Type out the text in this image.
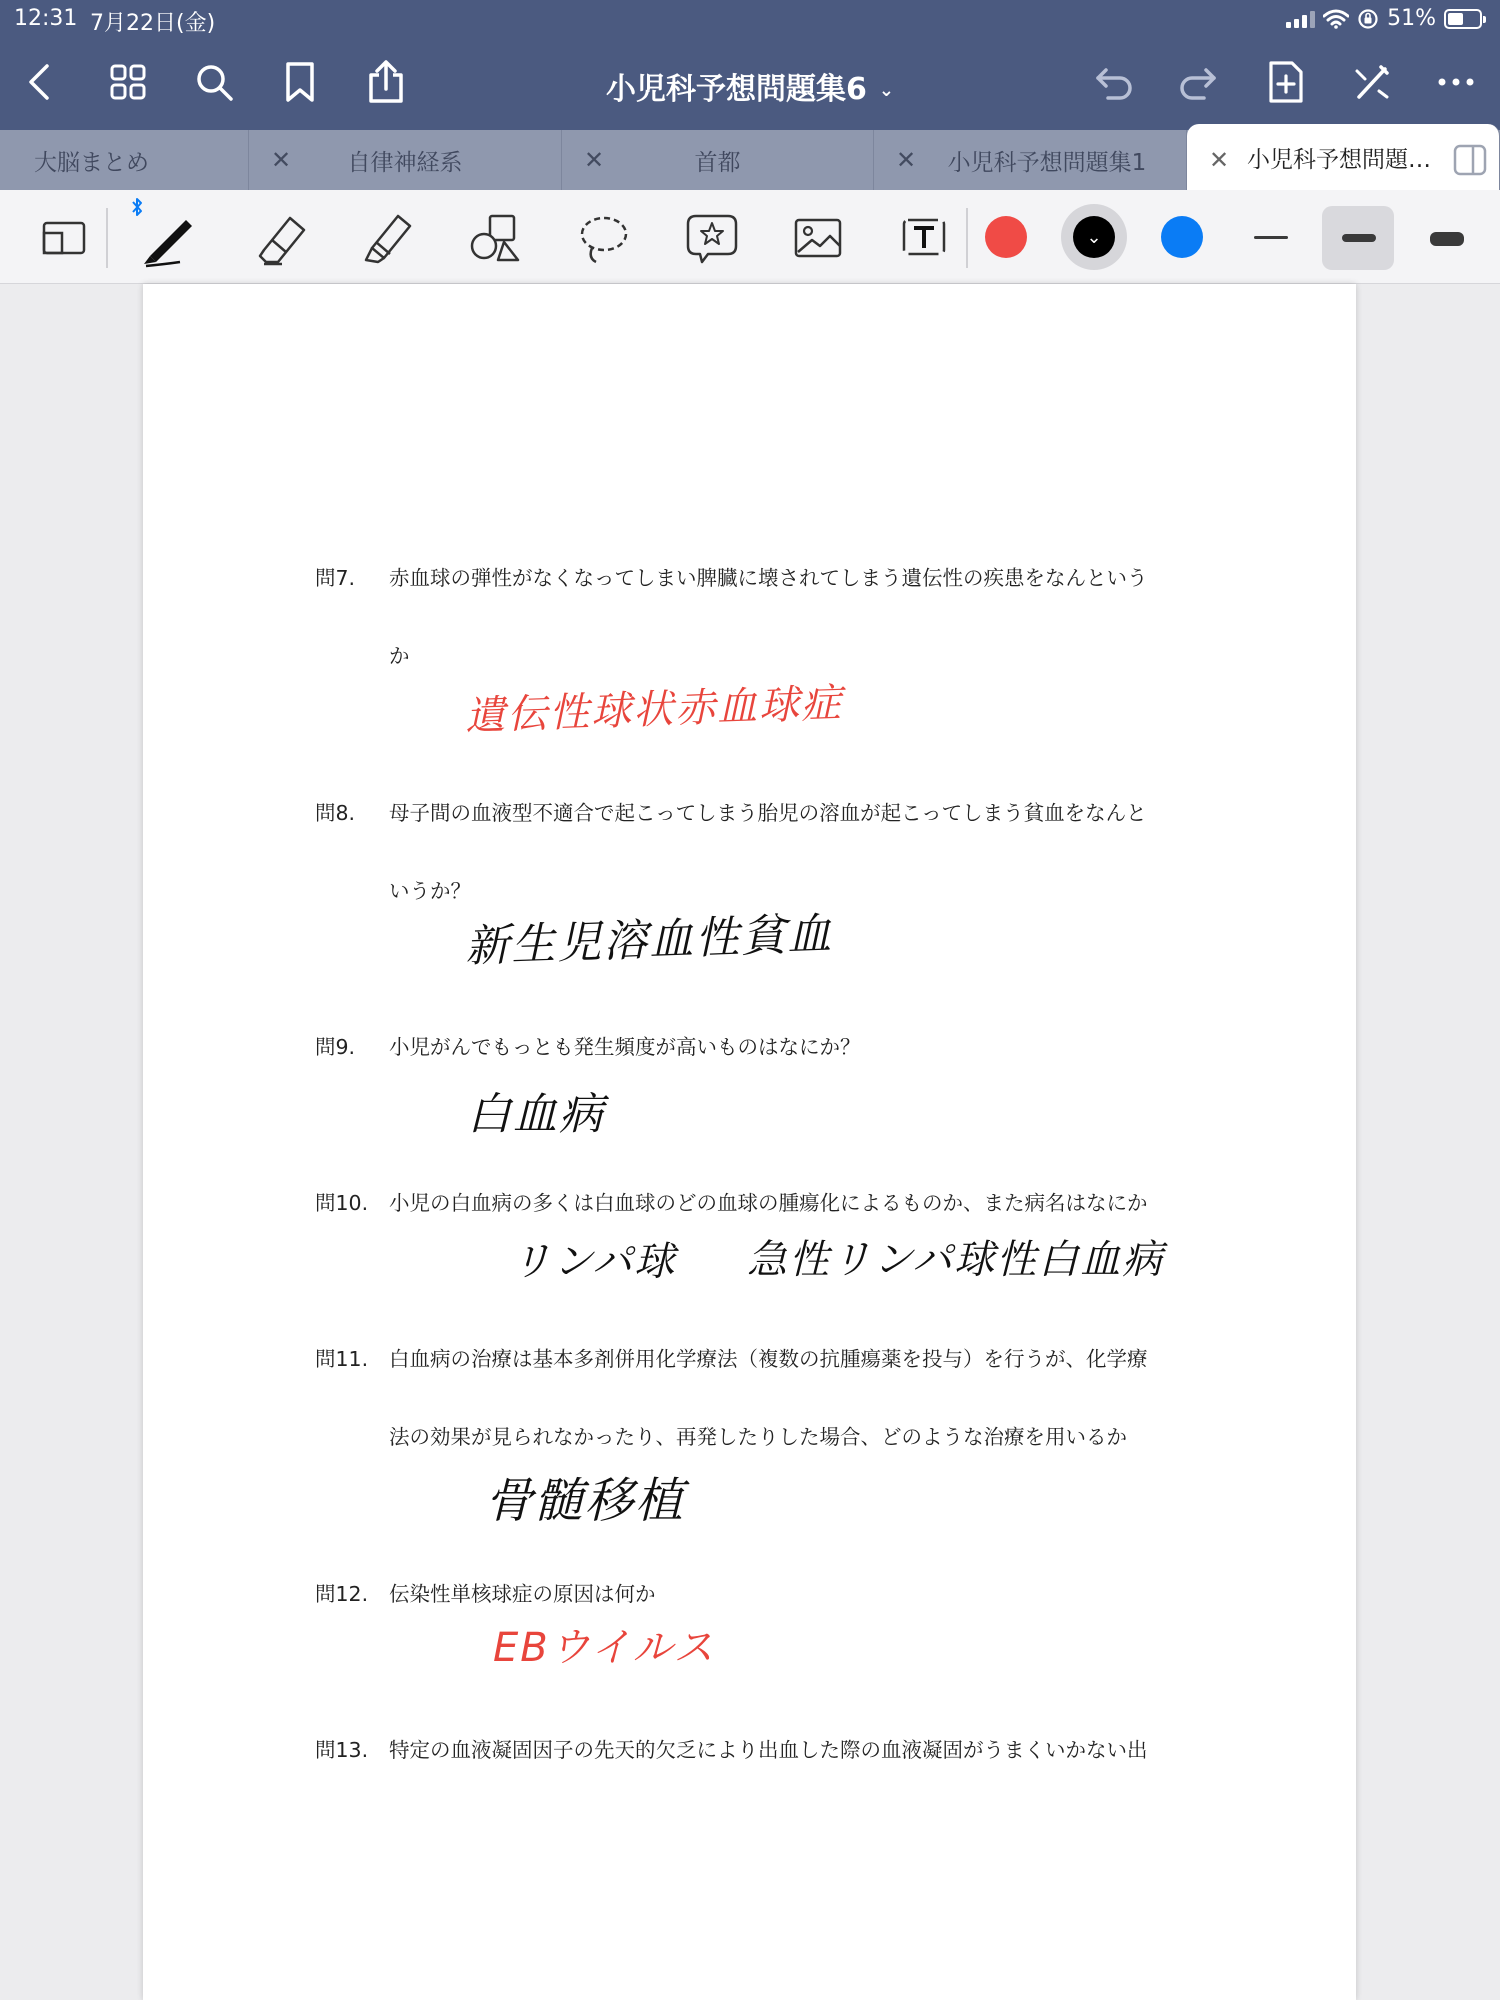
12:31 7月22日(金)	51%
小児科予想問題集6 ⌄
大脳まとめ	✕	自律神経系	✕	首都	✕	小児科予想問題集1	✕ 小児科予想問題…
⌄
問7. 赤血球の弾性がなくなってしまい脾臓に壊されてしまう遺伝性の疾患をなんという
か
遺伝性球状赤血球症
問8. 母子間の血液型不適合で起こってしまう胎児の溶血が起こってしまう貧血をなんと
いうか？
新生児溶血性貧血
問9. 小児がんでもっとも発生頻度が高いものはなにか？
白血病
問10. 小児の白血病の多くは白血球のどの血球の腫瘍化によるものか、また病名はなにか
リンパ球 急性リンパ球性白血病
問11. 白血病の治療は基本多剤併用化学療法（複数の抗腫瘍薬を投与）を行うが、化学療
法の効果が見られなかったり、再発したりした場合、どのような治療を用いるか
骨髄移植
問12. 伝染性単核球症の原因は何か
EBウイルス
問13. 特定の血液凝固因子の先天的欠乏により出血した際の血液凝固がうまくいかない出
